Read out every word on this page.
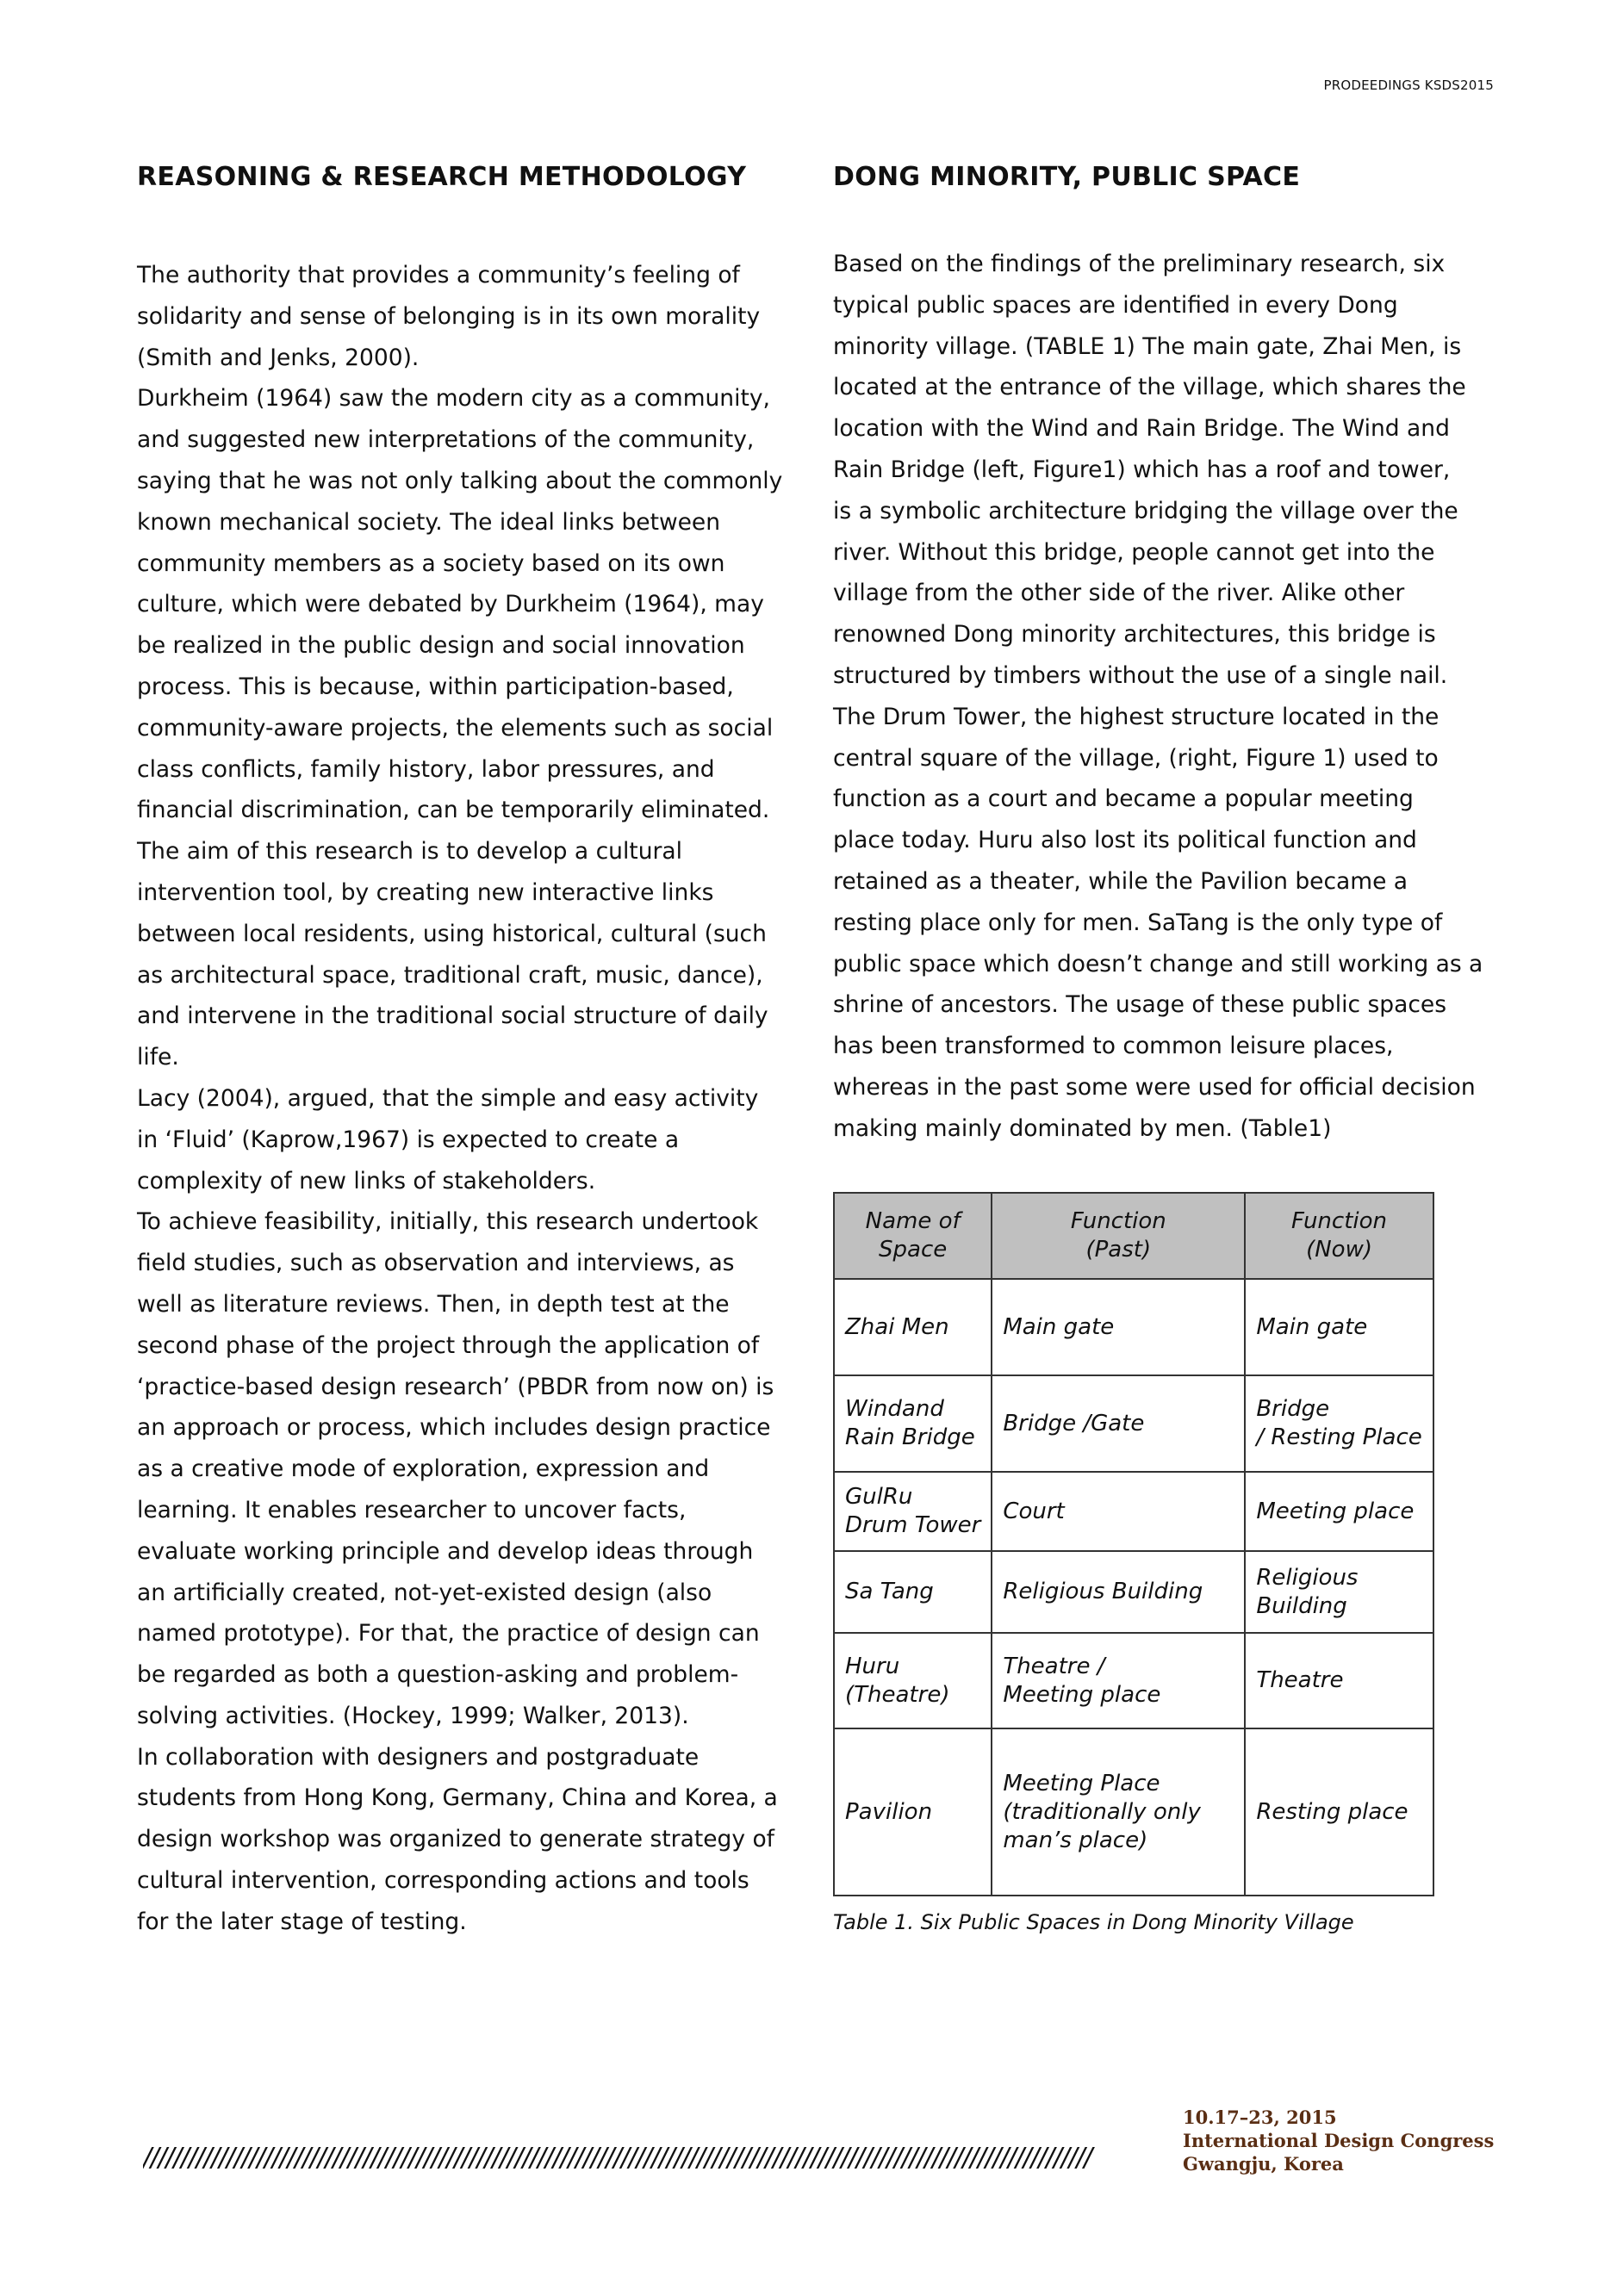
PRODEEDINGS KSDS2015
REASONING & RESEARCH METHODOLOGY

The authority that provides a community’s feeling of
solidarity and sense of belonging is in its own morality
(Smith and Jenks, 2000).
Durkheim (1964) saw the modern city as a community,
and suggested new interpretations of the community,
saying that he was not only talking about the commonly
known mechanical society. The ideal links between
community members as a society based on its own
culture, which were debated by Durkheim (1964), may
be realized in the public design and social innovation
process. This is because, within participation-based,
community-aware projects, the elements such as social
class conflicts, family history, labor pressures, and
financial discrimination, can be temporarily eliminated.
The aim of this research is to develop a cultural
intervention tool, by creating new interactive links
between local residents, using historical, cultural (such
as architectural space, traditional craft, music, dance),
and intervene in the traditional social structure of daily
life.
Lacy (2004), argued, that the simple and easy activity
in ‘Fluid’ (Kaprow,1967) is expected to create a
complexity of new links of stakeholders.
To achieve feasibility, initially, this research undertook
field studies, such as observation and interviews, as
well as literature reviews. Then, in depth test at the
second phase of the project through the application of
‘practice-based design research’ (PBDR from now on) is
an approach or process, which includes design practice
as a creative mode of exploration, expression and
learning. It enables researcher to uncover facts,
evaluate working principle and develop ideas through
an artificially created, not-yet-existed design (also
named prototype). For that, the practice of design can
be regarded as both a question-asking and problem-
solving activities. (Hockey, 1999; Walker, 2013).
In collaboration with designers and postgraduate
students from Hong Kong, Germany, China and Korea, a
design workshop was organized to generate strategy of
cultural intervention, corresponding actions and tools
for the later stage of testing.

DONG MINORITY, PUBLIC SPACE

Based on the findings of the preliminary research, six
typical public spaces are identified in every Dong
minority village. (TABLE 1) The main gate, Zhai Men, is
located at the entrance of the village, which shares the
location with the Wind and Rain Bridge. The Wind and
Rain Bridge (left, Figure1) which has a roof and tower,
is a symbolic architecture bridging the village over the
river. Without this bridge, people cannot get into the
village from the other side of the river. Alike other
renowned Dong minority architectures, this bridge is
structured by timbers without the use of a single nail.
The Drum Tower, the highest structure located in the
central square of the village, (right, Figure 1) used to
function as a court and became a popular meeting
place today. Huru also lost its political function and
retained as a theater, while the Pavilion became a
resting place only for men. SaTang is the only type of
public space which doesn’t change and still working as a
shrine of ancestors. The usage of these public spaces
has been transformed to common leisure places,
whereas in the past some were used for official decision
making mainly dominated by men. (Table1)

Name of
Space	Function
(Past)	Function
(Now)

Zhai Men	Main gate	Main gate

Wind and
Rain Bridge	Bridge /Gate	Bridge
/ Resting Place

GulRu
Drum Tower	Court	Meeting place

Sa Tang	Religious Building	Religious
Building

Huru
(Theatre)	Theatre /
Meeting place	Theatre

Pavilion	Meeting Place
(traditionally only
man’s place)	Resting place
Table 1. Six Public Spaces in Dong Minority Village
/////////////////////////////////////////////////////////////////////////////////////////////////////////////////////////////
10.17–23, 2015
International Design Congress
Gwangju, Korea
